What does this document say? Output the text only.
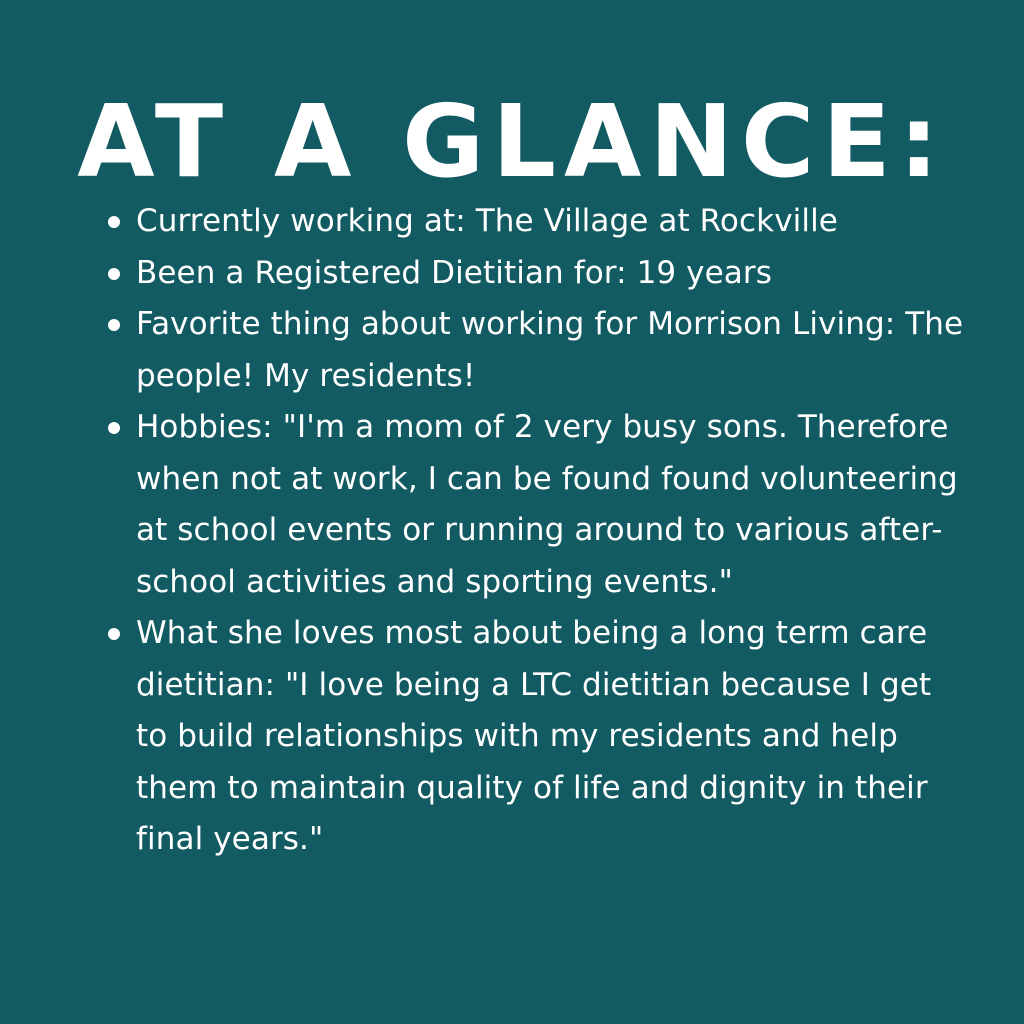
AT A GLANCE:
Currently working at: The Village at Rockville
Been a Registered Dietitian for: 19 years
Favorite thing about working for Morrison Living: The people! My residents!
Hobbies: "I'm a mom of 2 very busy sons. Therefore when not at work, I can be found found volunteering at school events or running around to various after-school activities and sporting events."
What she loves most about being a long term care dietitian: "I love being a LTC dietitian because I get to build relationships with my residents and help them to maintain quality of life and dignity in their final years."
